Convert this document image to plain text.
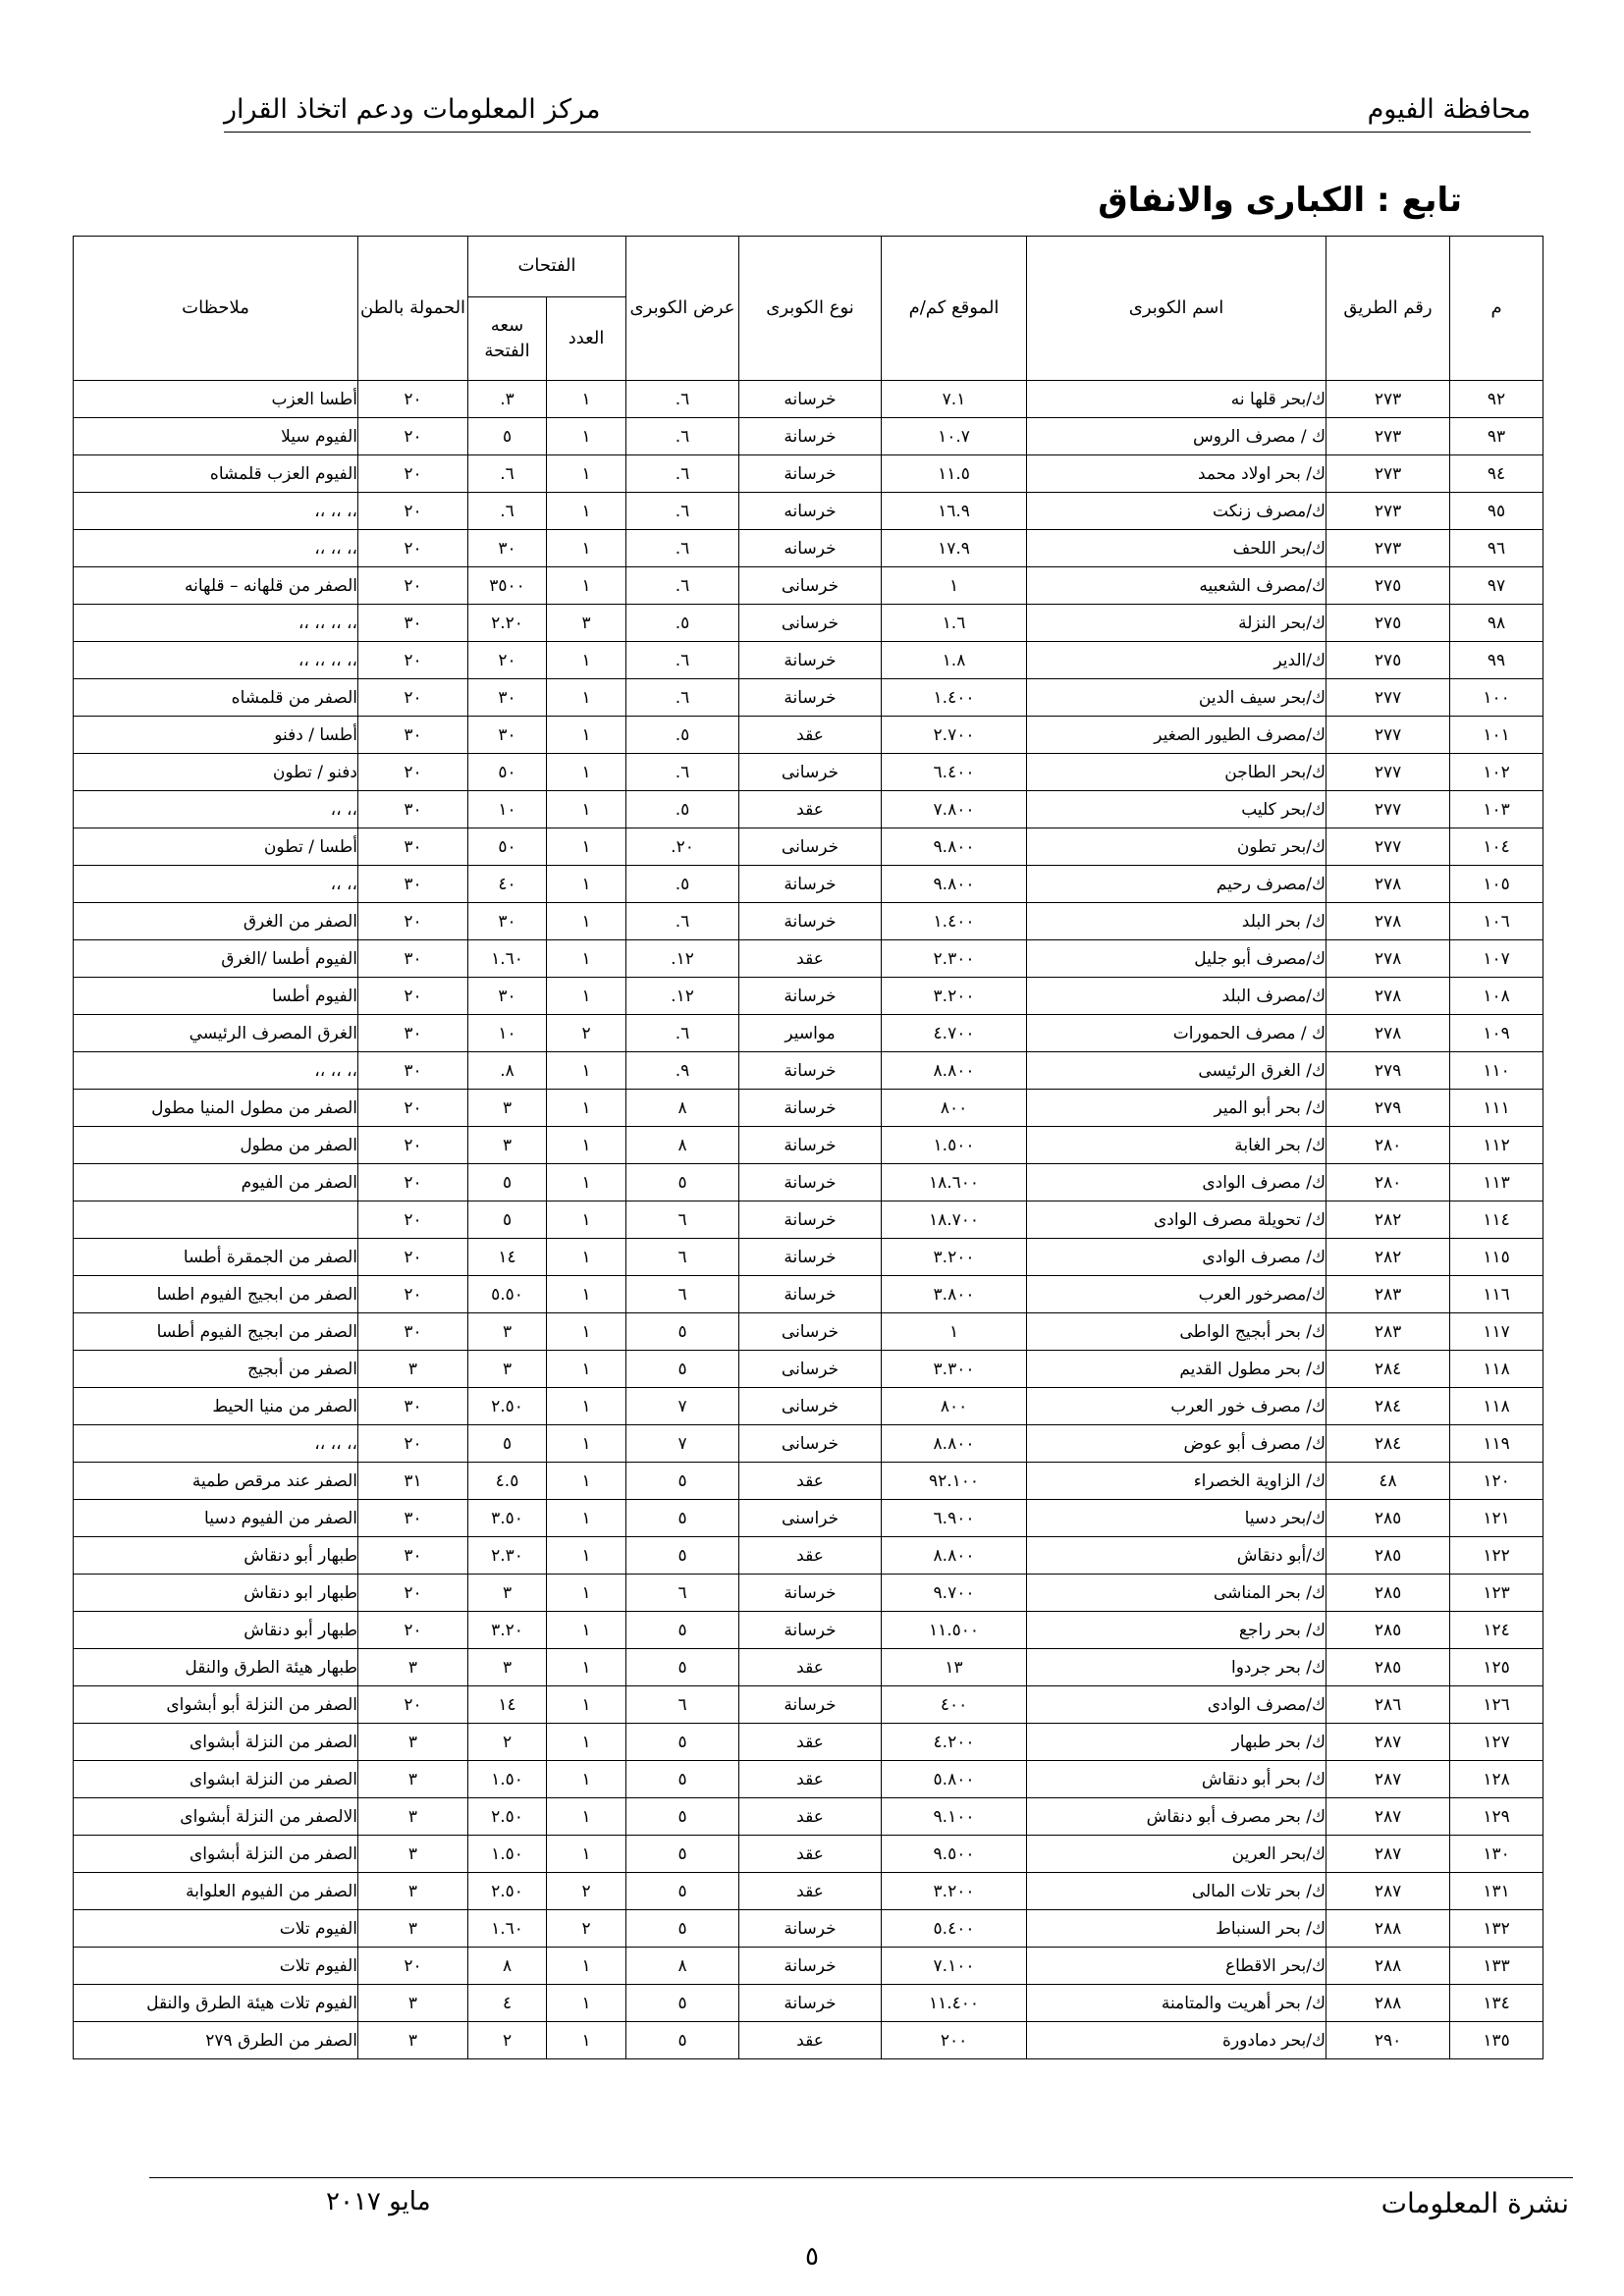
مركز المعلومات ودعم اتخاذ القرار	محافظة الفيوم
تابع : الكبارى والانفاق
م	رقم الطريق	اسم الكوبرى	الموقع كم/م	نوع الكوبرى	عرض الكوبرى	الفتحات		الحمولة بالطن	ملاحظات
						العدد	سعه الفتحة		
٩٢	٢٧٣	ك/بحر قلها نه	٧.١	خرسانه	٦.	١	٣.	٢٠	أطسا العزب
٩٣	٢٧٣	ك / مصرف الروس	١٠.٧	خرسانة	٦.	١	٥	٢٠	الفيوم سيلا
٩٤	٢٧٣	ك/ بحر اولاد محمد	١١.٥	خرسانة	٦.	١	٦.	٢٠	الفيوم العزب قلمشاه
٩٥	٢٧٣	ك/مصرف زنكت	١٦.٩	خرسانه	٦.	١	٦.	٢٠	،، ،، ،،
٩٦	٢٧٣	ك/بحر اللحف	١٧.٩	خرسانه	٦.	١	٣٠	٢٠	،، ،، ،،
٩٧	٢٧٥	ك/مصرف الشعبيه	١	خرسانى	٦.	١	٣٥٠٠	٢٠	الصفر من قلهانه – قلهانه
٩٨	٢٧٥	ك/بحر النزلة	١.٦	خرسانى	٥.	٣	٢.٢٠	٣٠	،، ،، ،، ،،
٩٩	٢٧٥	ك/الدير	١.٨	خرسانة	٦.	١	٢٠	٢٠	،، ،، ،، ،،
١٠٠	٢٧٧	ك/بحر سيف الدين	١.٤٠٠	خرسانة	٦.	١	٣٠	٢٠	الصفر من قلمشاه
١٠١	٢٧٧	ك/مصرف الطيور الصغير	٢.٧٠٠	عقد	٥.	١	٣٠	٣٠	أطسا / دفنو
١٠٢	٢٧٧	ك/بحر الطاجن	٦.٤٠٠	خرسانى	٦.	١	٥٠	٢٠	دفنو / تطون
١٠٣	٢٧٧	ك/بحر كليب	٧.٨٠٠	عقد	٥.	١	١٠	٣٠	،، ،،
١٠٤	٢٧٧	ك/بحر تطون	٩.٨٠٠	خرسانى	٢٠.	١	٥٠	٣٠	أطسا / تطون
١٠٥	٢٧٨	ك/مصرف رحيم	٩.٨٠٠	خرسانة	٥.	١	٤٠	٣٠	،، ،،
١٠٦	٢٧٨	ك/ بحر البلد	١.٤٠٠	خرسانة	٦.	١	٣٠	٢٠	الصفر من الغرق
١٠٧	٢٧٨	ك/مصرف أبو جليل	٢.٣٠٠	عقد	١٢.	١	١.٦٠	٣٠	الفيوم أطسا /الغرق
١٠٨	٢٧٨	ك/مصرف البلد	٣.٢٠٠	خرسانة	١٢.	١	٣٠	٢٠	الفيوم أطسا
١٠٩	٢٧٨	ك / مصرف الحمورات	٤.٧٠٠	مواسير	٦.	٢	١٠	٣٠	الغرق المصرف الرئيسي
١١٠	٢٧٩	ك/ الغرق الرئيسى	٨.٨٠٠	خرسانة	٩.	١	٨.	٣٠	،، ،، ،،
١١١	٢٧٩	ك/ بحر أبو المير	٨٠٠	خرسانة	٨	١	٣	٢٠	الصفر من مطول المنيا مطول
١١٢	٢٨٠	ك/ بحر الغابة	١.٥٠٠	خرسانة	٨	١	٣	٢٠	الصفر من مطول
١١٣	٢٨٠	ك/ مصرف الوادى	١٨.٦٠٠	خرسانة	٥	١	٥	٢٠	الصفر من الفيوم
١١٤	٢٨٢	ك/ تحويلة مصرف الوادى	١٨.٧٠٠	خرسانة	٦	١	٥	٢٠	
١١٥	٢٨٢	ك/ مصرف الوادى	٣.٢٠٠	خرسانة	٦	١	١٤	٢٠	الصفر من الجمقرة أطسا
١١٦	٢٨٣	ك/مصرخور العرب	٣.٨٠٠	خرسانة	٦	١	٥.٥٠	٢٠	الصفر من ابجيج الفيوم اطسا
١١٧	٢٨٣	ك/ بحر أبجيج الواطى	١	خرسانى	٥	١	٣	٣٠	الصفر من ابجيج الفيوم أطسا
١١٨	٢٨٤	ك/ بحر مطول القديم	٣.٣٠٠	خرسانى	٥	١	٣	٣	الصفر من أبجيج
١١٨	٢٨٤	ك/ مصرف خور العرب	٨٠٠	خرسانى	٧	١	٢.٥٠	٣٠	الصفر من منيا الحيط
١١٩	٢٨٤	ك/ مصرف أبو عوض	٨.٨٠٠	خرسانى	٧	١	٥	٢٠	،، ،، ،،
١٢٠	٤٨	ك/ الزاوية الخصراء	٩٢.١٠٠	عقد	٥	١	٤.٥	٣١	الصفر عند مرقص طمية
١٢١	٢٨٥	ك/بحر دسيا	٦.٩٠٠	خراسنى	٥	١	٣.٥٠	٣٠	الصفر من الفيوم دسيا
١٢٢	٢٨٥	ك/أبو دنقاش	٨.٨٠٠	عقد	٥	١	٢.٣٠	٣٠	طبهار أبو دنقاش
١٢٣	٢٨٥	ك/ بحر المناشى	٩.٧٠٠	خرسانة	٦	١	٣	٢٠	طبهار ابو دنقاش
١٢٤	٢٨٥	ك/ بحر راجع	١١.٥٠٠	خرسانة	٥	١	٣.٢٠	٢٠	طبهار أبو دنقاش
١٢٥	٢٨٥	ك/ بحر جردوا	١٣	عقد	٥	١	٣	٣	طبهار هيئة الطرق والنقل
١٢٦	٢٨٦	ك/مصرف الوادى	٤٠٠	خرسانة	٦	١	١٤	٢٠	الصفر من النزلة أبو أبشواى
١٢٧	٢٨٧	ك/ بحر طبهار	٤.٢٠٠	عقد	٥	١	٢	٣	الصفر من النزلة أبشواى
١٢٨	٢٨٧	ك/ بحر أبو دنقاش	٥.٨٠٠	عقد	٥	١	١.٥٠	٣	الصفر من النزلة ابشواى
١٢٩	٢٨٧	ك/ بحر مصرف أبو دنقاش	٩.١٠٠	عقد	٥	١	٢.٥٠	٣	الالصفر من النزلة أبشواى
١٣٠	٢٨٧	ك/بحر العرين	٩.٥٠٠	عقد	٥	١	١.٥٠	٣	الصفر من النزلة أبشواى
١٣١	٢٨٧	ك/ بحر تلات المالى	٣.٢٠٠	عقد	٥	٢	٢.٥٠	٣	الصفر من الفيوم العلوابة
١٣٢	٢٨٨	ك/ بحر السنباط	٥.٤٠٠	خرسانة	٥	٢	١.٦٠	٣	الفيوم تلات
١٣٣	٢٨٨	ك/بحر الاقطاع	٧.١٠٠	خرسانة	٨	١	٨	٢٠	الفيوم تلات
١٣٤	٢٨٨	ك/ بحر أهريت والمتامنة	١١.٤٠٠	خرسانة	٥	١	٤	٣	الفيوم تلات هيئة الطرق والنقل
١٣٥	٢٩٠	ك/بحر دمادورة	٢٠٠	عقد	٥	١	٢	٣	الصفر من الطرق ٢٧٩
مايو ٢٠١٧	نشرة المعلومات
٥
